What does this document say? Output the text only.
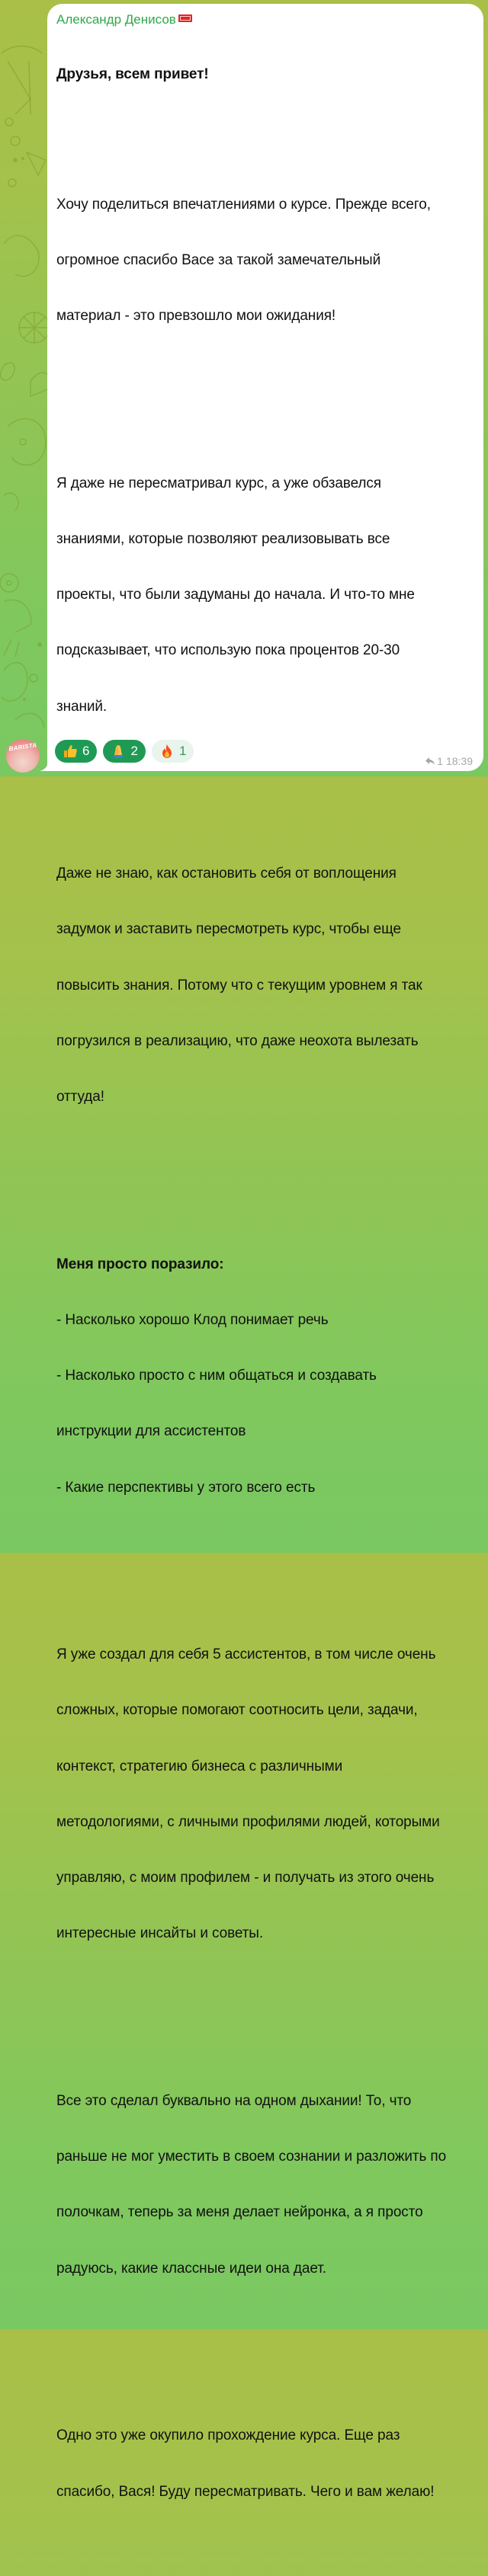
BARISTA
Александр Денисов

Друзья, всем привет!

Хочу поделиться впечатлениями о курсе. Прежде всего,

огромное спасибо Васе за такой замечательный

материал - это превзошло мои ожидания!

Я даже не пересматривал курс, а уже обзавелся

знаниями, которые позволяют реализовывать все

проекты, что были задуманы до начала. И что-то мне

подсказывает, что использую пока процентов 20-30

знаний.

Даже не знаю, как остановить себя от воплощения

задумок и заставить пересмотреть курс, чтобы еще

повысить знания. Потому что с текущим уровнем я так

погрузился в реализацию, что даже неохота вылезать

оттуда!

Меня просто поразило:

- Насколько хорошо Клод понимает речь

- Насколько просто с ним общаться и создавать

инструкции для ассистентов

- Какие перспективы у этого всего есть

Я уже создал для себя 5 ассистентов, в том числе очень

сложных, которые помогают соотносить цели, задачи,

контекст, стратегию бизнеса с различными

методологиями, с личными профилями людей, которыми

управляю, с моим профилем - и получать из этого очень

интересные инсайты и советы.

Все это сделал буквально на одном дыхании! То, что

раньше не мог уместить в своем сознании и разложить по

полочкам, теперь за меня делает нейронка, а я просто

радуюсь, какие классные идеи она дает.

Одно это уже окупило прохождение курса. Еще раз

спасибо, Вася! Буду пересматривать. Чего и вам желаю!

6	2	1
1 18:39
